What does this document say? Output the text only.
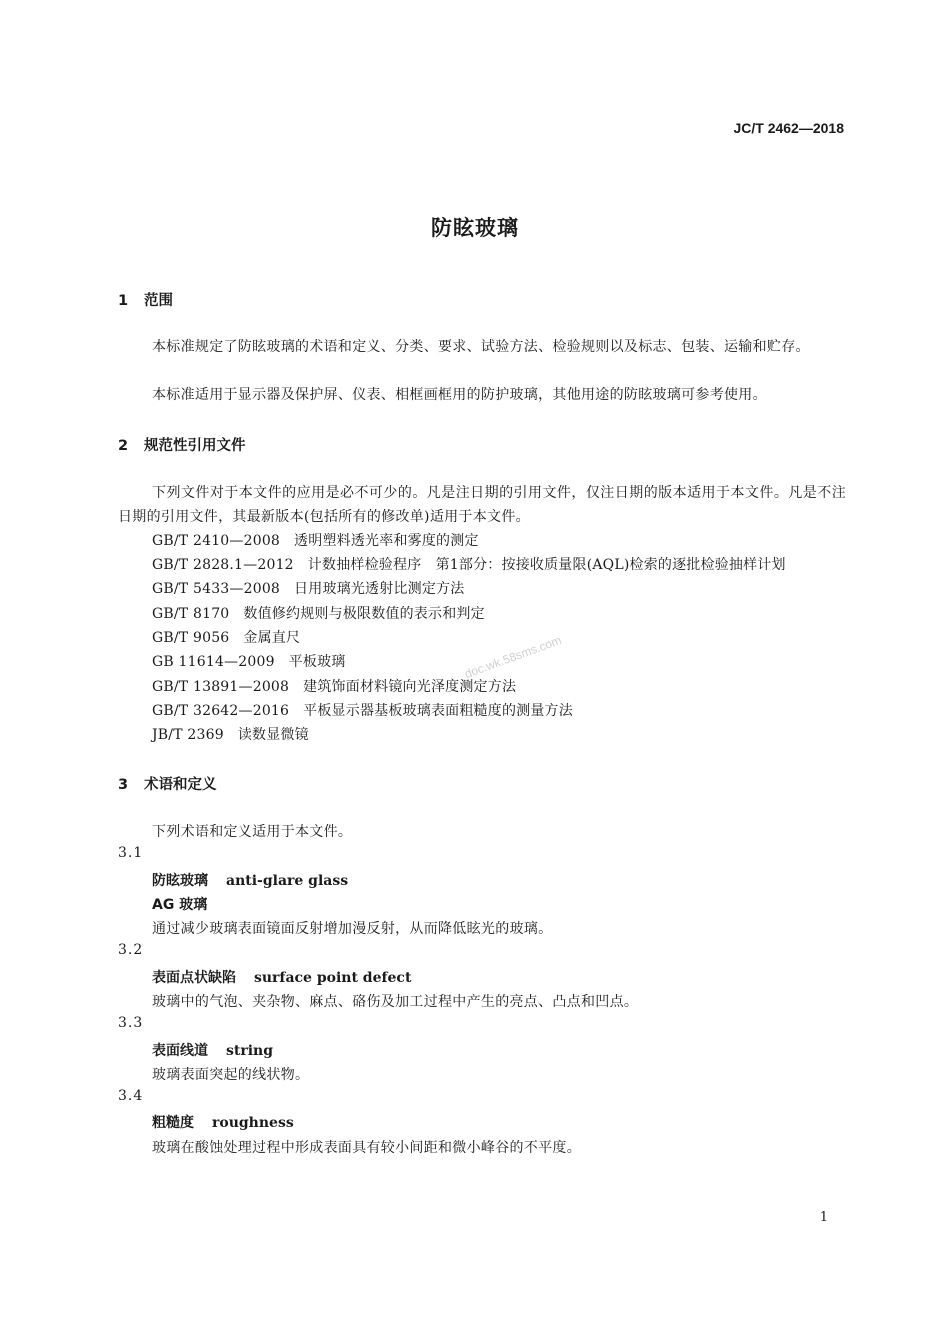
JC/T 2462—2018
防眩玻璃
1 范围
本标准规定了防眩玻璃的术语和定义、分类、要求、试验方法、检验规则以及标志、包装、运输和贮存。
本标准适用于显示器及保护屏、仪表、相框画框用的防护玻璃，其他用途的防眩玻璃可参考使用。
2 规范性引用文件
下列文件对于本文件的应用是必不可少的。凡是注日期的引用文件，仅注日期的版本适用于本文件。凡是不注日期的引用文件，其最新版本(包括所有的修改单)适用于本文件。
GB/T 2410—2008 透明塑料透光率和雾度的测定
GB/T 2828.1—2012 计数抽样检验程序　第1部分：按接收质量限(AQL)检索的逐批检验抽样计划
GB/T 5433—2008 日用玻璃光透射比测定方法
GB/T 8170 数值修约规则与极限数值的表示和判定
GB/T 9056 金属直尺
GB 11614—2009 平板玻璃
GB/T 13891—2008 建筑饰面材料镜向光泽度测定方法
GB/T 32642—2016 平板显示器基板玻璃表面粗糙度的测量方法
JB/T 2369 读数显微镜
3 术语和定义
下列术语和定义适用于本文件。
3.1
防眩玻璃 anti-glare glass
AG 玻璃
通过减少玻璃表面镜面反射增加漫反射，从而降低眩光的玻璃。
3.2
表面点状缺陷 surface point defect
玻璃中的气泡、夹杂物、麻点、硌伤及加工过程中产生的亮点、凸点和凹点。
3.3
表面线道 string
玻璃表面突起的线状物。
3.4
粗糙度 roughness
玻璃在酸蚀处理过程中形成表面具有较小间距和微小峰谷的不平度。
doc.wk.58sms.com
1
